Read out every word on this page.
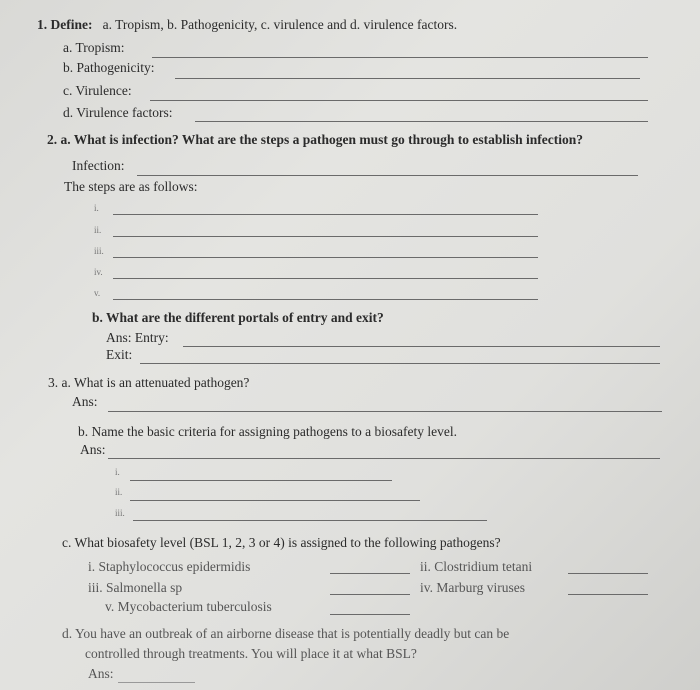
1. Define: a. Tropism, b. Pathogenicity, c. virulence and d. virulence factors.
a. Tropism:
b. Pathogenicity:
c. Virulence:
d. Virulence factors:
2. a. What is infection? What are the steps a pathogen must go through to establish infection?
Infection:
The steps are as follows:
i.
ii.
iii.
iv.
v.
b. What are the different portals of entry and exit?
Ans: Entry:
Exit:
3. a. What is an attenuated pathogen?
Ans:
b. Name the basic criteria for assigning pathogens to a biosafety level.
Ans:
i.
ii.
iii.
c. What biosafety level (BSL 1, 2, 3 or 4) is assigned to the following pathogens?
i. Staphylococcus epidermidis	ii. Clostridium tetani
iii. Salmonella sp	iv. Marburg viruses
v. Mycobacterium tuberculosis
d. You have an outbreak of an airborne disease that is potentially deadly but can be
controlled through treatments. You will place it at what BSL?
Ans:
